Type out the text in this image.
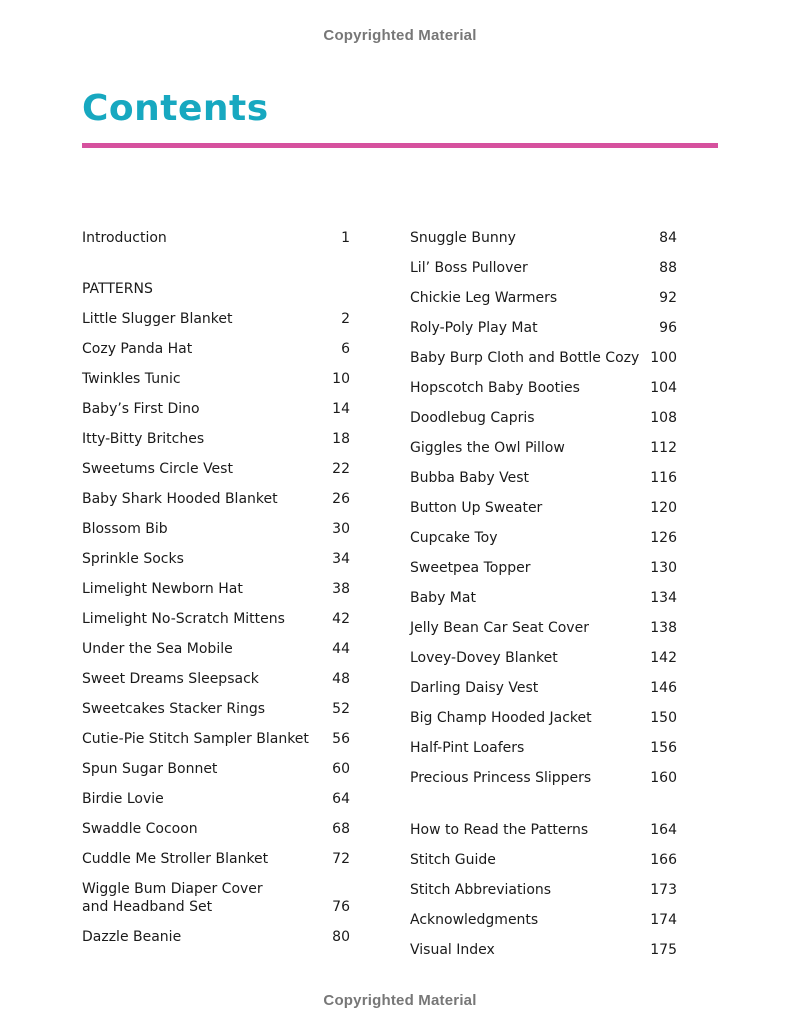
Copyrighted Material
Contents
PATTERNS
Introduction	1
Little Slugger Blanket	2
Cozy Panda Hat	6
Twinkles Tunic	10
Baby’s First Dino	14
Itty-Bitty Britches	18
Sweetums Circle Vest	22
Baby Shark Hooded Blanket	26
Blossom Bib	30
Sprinkle Socks	34
Limelight Newborn Hat	38
Limelight No-Scratch Mittens	42
Under the Sea Mobile	44
Sweet Dreams Sleepsack	48
Sweetcakes Stacker Rings	52
Cutie-Pie Stitch Sampler Blanket 56
Spun Sugar Bonnet	60
Birdie Lovie	64
Swaddle Cocoon	68
Cuddle Me Stroller Blanket	72
Wiggle Bum Diaper Cover
and Headband Set	76
Dazzle Beanie	80
Snuggle Bunny	84
Lil’ Boss Pullover	88
Chickie Leg Warmers	92
Roly-Poly Play Mat	96
Baby Burp Cloth and Bottle Cozy 100
Hopscotch Baby Booties	104
Doodlebug Capris	108
Giggles the Owl Pillow	112
Bubba Baby Vest	116
Button Up Sweater	120
Cupcake Toy	126
Sweetpea Topper	130
Baby Mat	134
Jelly Bean Car Seat Cover	138
Lovey-Dovey Blanket	142
Darling Daisy Vest	146
Big Champ Hooded Jacket	150
Half-Pint Loafers	156
Precious Princess Slippers	160
How to Read the Patterns	164
Stitch Guide	166
Stitch Abbreviations	173
Acknowledgments	174
Visual Index	175
Copyrighted Material
